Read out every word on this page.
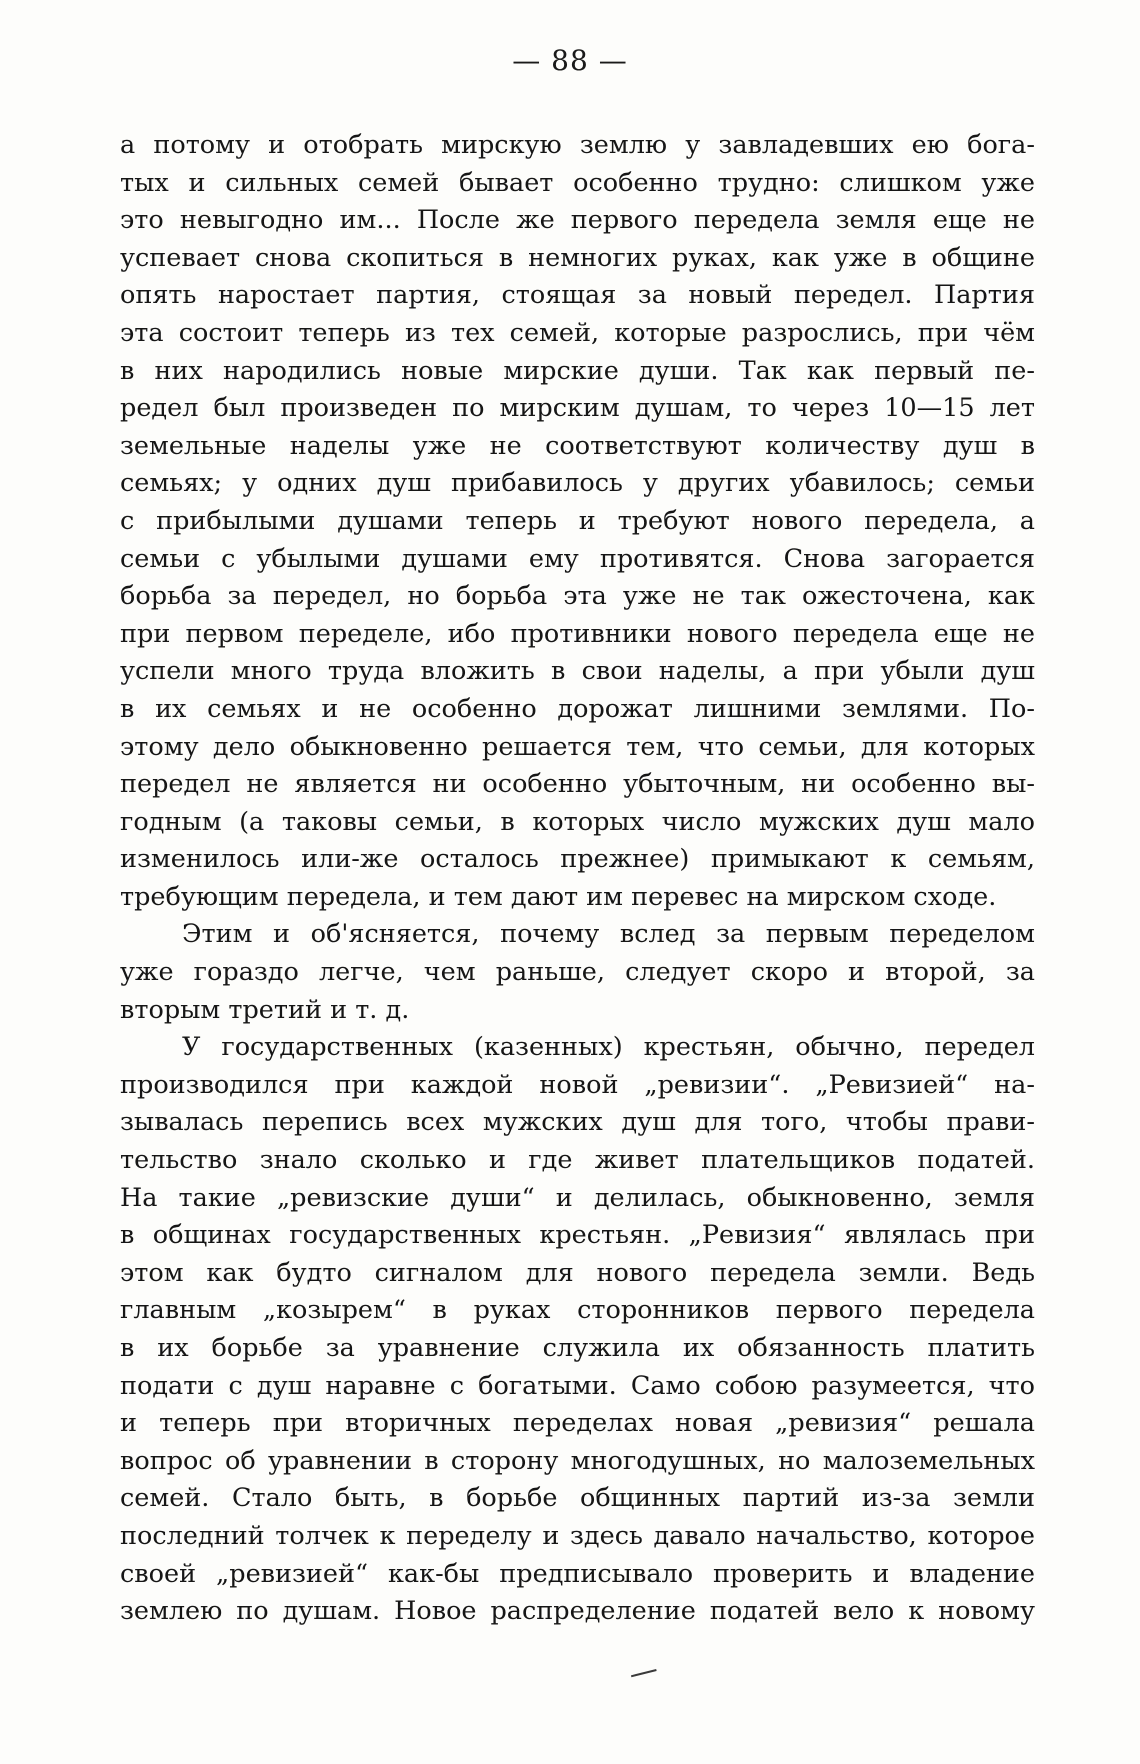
— 88 —
а потому и отобрать мирскую землю у завладевших ею бога-
тых и сильных семей бывает особенно трудно: слишком уже
это невыгодно им... После же первого передела земля еще не
успевает снова скопиться в немногих руках, как уже в общине
опять наростает партия, стоящая за новый передел. Партия
эта состоит теперь из тех семей, которые разрослись, при чём
в них народились новые мирские души. Так как первый пе-
редел был произведен по мирским душам, то через 10—15 лет
земельные наделы уже не соответствуют количеству душ в
семьях; у одних душ прибавилось у других убавилось; семьи
с прибылыми душами теперь и требуют нового передела, а
семьи с убылыми душами ему противятся. Снова загорается
борьба за передел, но борьба эта уже не так ожесточена, как
при первом переделе, ибо противники нового передела еще не
успели много труда вложить в свои наделы, а при убыли душ
в их семьях и не особенно дорожат лишними землями. По-
этому дело обыкновенно решается тем, что семьи, для которых
передел не является ни особенно убыточным, ни особенно вы-
годным (а таковы семьи, в которых число мужских душ мало
изменилось или-же осталось прежнее) примыкают к семьям,
требующим передела, и тем дают им перевес на мирском сходе.
Этим и об'ясняется, почему вслед за первым переделом
уже гораздо легче, чем раньше, следует скоро и второй, за
вторым третий и т. д.
У государственных (казенных) крестьян, обычно, передел
производился при каждой новой „ревизии“. „Ревизией“ на-
зывалась перепись всех мужских душ для того, чтобы прави-
тельство знало сколько и где живет плательщиков податей.
На такие „ревизские души“ и делилась, обыкновенно, земля
в общинах государственных крестьян. „Ревизия“ являлась при
этом как будто сигналом для нового передела земли. Ведь
главным „козырем“ в руках сторонников первого передела
в их борьбе за уравнение служила их обязанность платить
подати с душ наравне с богатыми. Само собою разумеется, что
и теперь при вторичных переделах новая „ревизия“ решала
вопрос об уравнении в сторону многодушных, но малоземельных
семей. Стало быть, в борьбе общинных партий из-за земли
последний толчек к переделу и здесь давало начальство, которое
своей „ревизией“ как-бы предписывало проверить и владение
землею по душам. Новое распределение податей вело к новому
